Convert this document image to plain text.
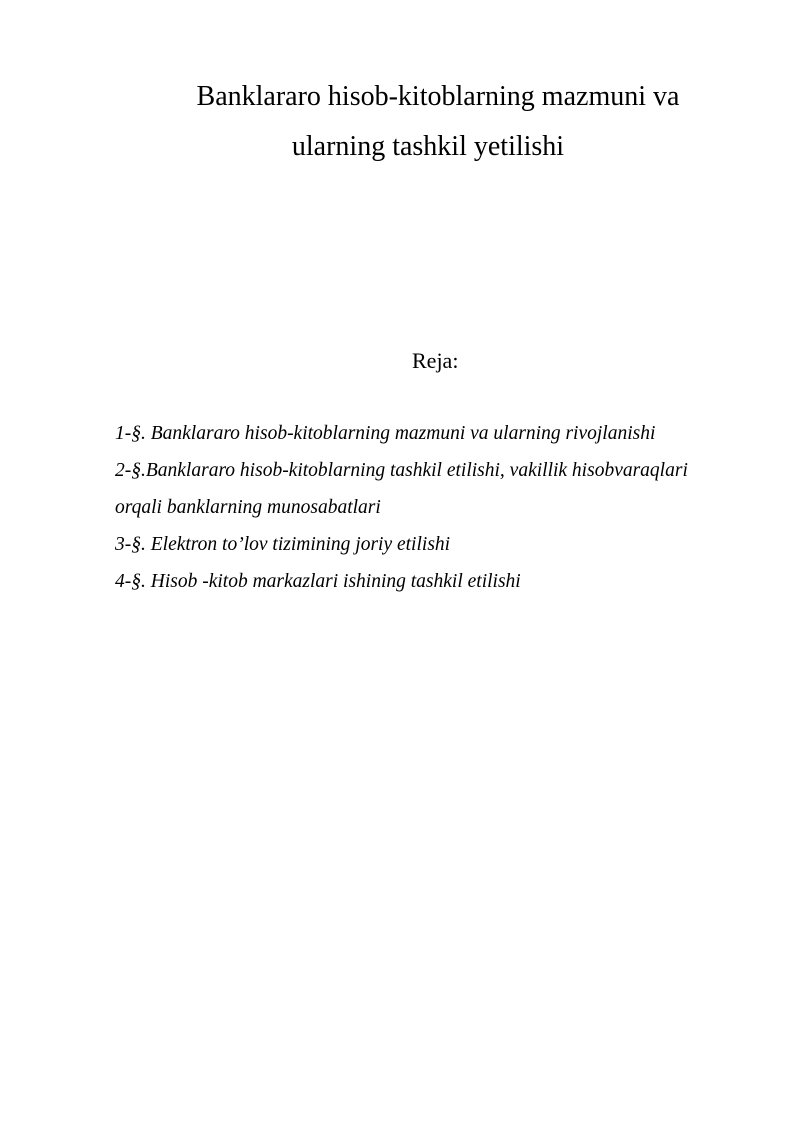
Banklararo hisob-kitoblarning mazmuni va
ularning tashkil yetilishi
Reja:
1-§. Banklararo hisob-kitoblarning mazmuni va ularning rivojlanishi
2-§.Banklararo hisob-kitoblarning tashkil etilishi, vakillik hisobvaraqlari
orqali banklarning munosabatlari
3-§. Elektron to’lov tizimining joriy etilishi
4-§. Hisob -kitob markazlari ishining tashkil etilishi
